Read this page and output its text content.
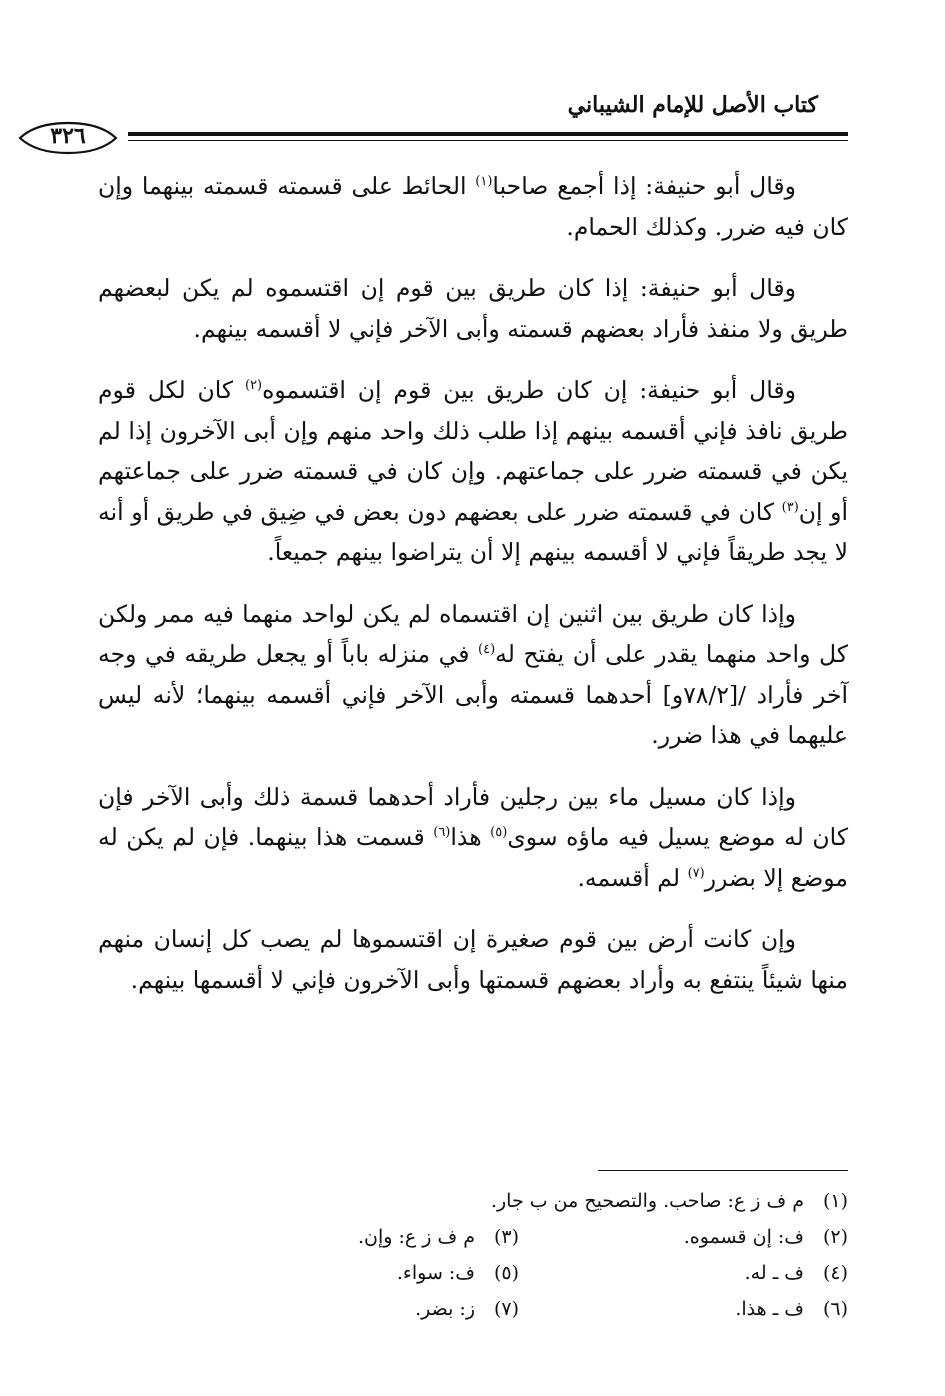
كتاب الأصل للإمام الشيباني
٣٢٦

وقال أبو حنيفة: إذا أجمع صاحبا$^{(١)}$ الحائط على قسمته قسمته بينهما وإن كان فيه ضرر. وكذلك الحمام.

وقال أبو حنيفة: إذا كان طريق بين قوم إن اقتسموه لم يكن لبعضهم طريق ولا منفذ فأراد بعضهم قسمته وأبى الآخر فإني لا أقسمه بينهم.

وقال أبو حنيفة: إن كان طريق بين قوم إن اقتسموه$^{(٢)}$ كان لكل قوم طريق نافذ فإني أقسمه بينهم إذا طلب ذلك واحد منهم وإن أبى الآخرون إذا لم يكن في قسمته ضرر على جماعتهم. وإن كان في قسمته ضرر على جماعتهم أو إن$^{(٣)}$ كان في قسمته ضرر على بعضهم دون بعض في ضِيق في طريق أو أنه لا يجد طريقاً فإني لا أقسمه بينهم إلا أن يتراضوا بينهم جميعاً.

وإذا كان طريق بين اثنين إن اقتسماه لم يكن لواحد منهما فيه ممر ولكن كل واحد منهما يقدر على أن يفتح له$^{(٤)}$ في منزله باباً أو يجعل طريقه في وجه آخر فأراد /[٧٨/٢و] أحدهما قسمته وأبى الآخر فإني أقسمه بينهما؛ لأنه ليس عليهما في هذا ضرر.

وإذا كان مسيل ماء بين رجلين فأراد أحدهما قسمة ذلك وأبى الآخر فإن كان له موضع يسيل فيه ماؤه سوى$^{(٥)}$ هذا$^{(٦)}$ قسمت هذا بينهما. فإن لم يكن له موضع إلا بضرر$^{(٧)}$ لم أقسمه.

وإن كانت أرض بين قوم صغيرة إن اقتسموها لم يصب كل إنسان منهم منها شيئاً ينتفع به وأراد بعضهم قسمتها وأبى الآخرون فإني لا أقسمها بينهم.

(١)م ف ز ع: صاحب. والتصحيح من ب جار.
(٢)ف: إن قسموه.
(٣)م ف ز ع: وإن.
(٤)ف ـ له.
(٥)ف: سواء.
(٦)ف ـ هذا.
(٧)ز: بضر.
